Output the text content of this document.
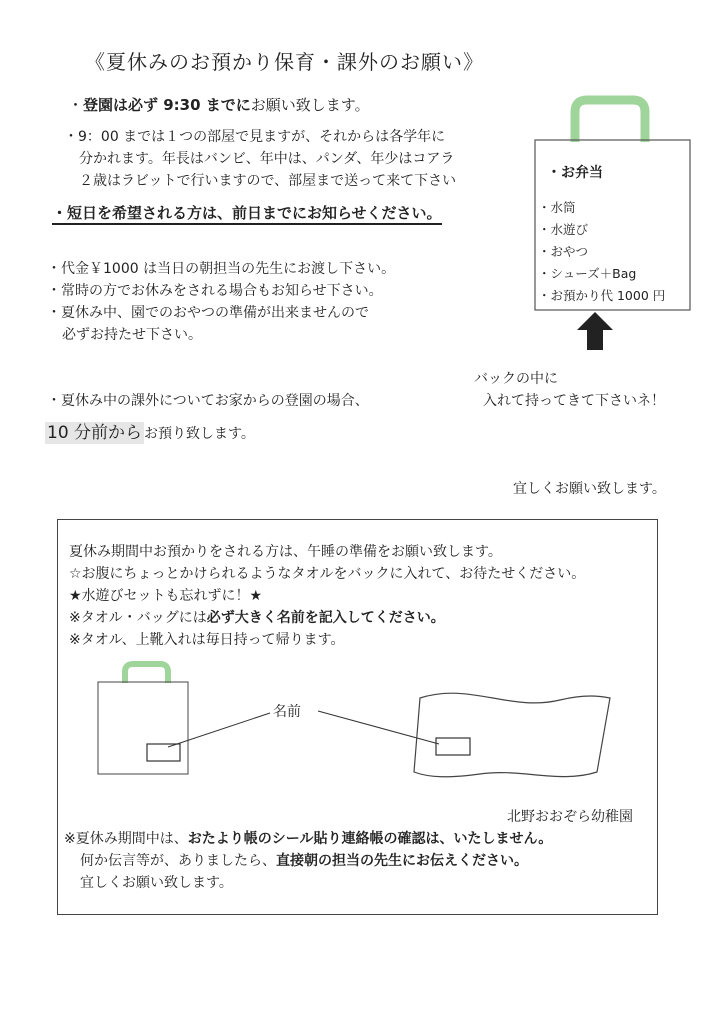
《夏休みのお預かり保育・課外のお願い》
・登園は必ず 9:30 までにお願い致します。
・9：00 までは１つの部屋で見ますが、それからは各学年に
分かれます。年長はバンビ、年中は、パンダ、年少はコアラ
２歳はラビットで行いますので、部屋まで送って来て下さい
・短日を希望される方は、前日までにお知らせください。
・代金￥1000 は当日の朝担当の先生にお渡し下さい。
・常時の方でお休みをされる場合もお知らせ下さい。
・夏休み中、園でのおやつの準備が出来ませんので
必ずお持たせ下さい。
・夏休み中の課外についてお家からの登園の場合、
10 分前から お預り致します。
・お弁当
・水筒
・水遊び
・おやつ
・シューズ＋Bag
・お預かり代 1000 円
バックの中に
入れて持ってきて下さいネ！
宜しくお願い致します。
夏休み期間中お預かりをされる方は、午睡の準備をお願い致します。
☆お腹にちょっとかけられるようなタオルをバックに入れて、お待たせください。
★水遊びセットも忘れずに！★
※タオル・バッグには必ず大きく名前を記入してください。
※タオル、上靴入れは毎日持って帰ります。
名前
北野おおぞら幼稚園
※夏休み期間中は、おたより帳のシール貼り連絡帳の確認は、いたしません。
何か伝言等が、ありましたら、直接朝の担当の先生にお伝えください。
宜しくお願い致します。
